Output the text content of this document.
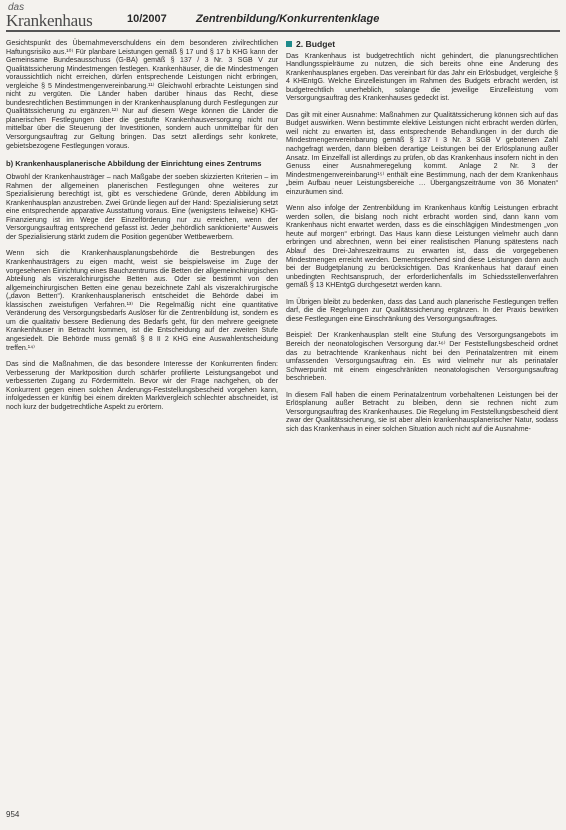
das
Krankenhaus	10/2007	Zentrenbildung/Konkurrentenklage

Gesichtspunkt des Übernahmeverschuldens ein dem besonderen zivilrechtlichen Haftungsrisiko aus.¹⁰⁾ Für planbare Leistungen gemäß § 17 und § 17 b KHG kann der Gemeinsame Bundesausschuss (G-BA) gemäß § 137 / 3 Nr. 3 SGB V zur Qualitätssicherung Mindestmengen festlegen. Krankenhäuser, die die Mindestmengen voraussichtlich nicht erreichen, dürfen entsprechende Leistungen nicht erbringen, vergleiche § 5 Mindestmengenvereinbarung.¹¹⁾ Gleichwohl erbrachte Leistungen sind nicht zu vergüten. Die Länder haben darüber hinaus das Recht, diese bundesrechtlichen Bestimmungen in der Krankenhausplanung durch Festlegungen zur Qualitätssicherung zu ergänzen.¹²⁾ Nur auf diesem Wege können die Länder die planerischen Festlegungen über die gestufte Krankenhausversorgung nicht nur mittelbar über die Steuerung der Investitionen, sondern auch unmittelbar für den Versorgungsauftrag zur Geltung bringen. Das setzt allerdings sehr konkrete, gebietsbezogene Festlegungen voraus.

b) Krankenhausplanerische Abbildung der Einrichtung eines Zentrums

Obwohl der Krankenhausträger – nach Maßgabe der soeben skizzierten Kriterien – im Rahmen der allgemeinen planerischen Festlegungen ohne weiteres zur Spezialisierung berechtigt ist, gibt es verschiedene Gründe, deren Abbildung im Krankenhausplan anzustreben. Zwei Gründe liegen auf der Hand: Spezialisierung setzt eine entsprechende apparative Ausstattung voraus. Eine (wenigstens teilweise) KHG-Finanzierung ist im Wege der Einzelförderung nur zu erreichen, wenn der Versorgungsauftrag entsprechend gefasst ist. Jeder „behördlich sanktionierte“ Ausweis der Spezialisierung stärkt zudem die Position gegenüber Wettbewerbern.

Wenn sich die Krankenhausplanungsbehörde die Bestrebungen des Krankenhausträgers zu eigen macht, weist sie beispielsweise im Zuge der vorgesehenen Einrichtung eines Bauchzentrums die Betten der allgemeinchirurgischen Abteilung als viszeralchirurgische Betten aus. Oder sie bestimmt von den allgemeinchirurgischen Betten eine genau bezeichnete Zahl als viszeralchirurgische („davon Betten“). Krankenhausplanerisch entscheidet die Behörde dabei im klassischen zweistufigen Verfahren.¹³⁾ Die Regelmäßig nicht eine quantitative Veränderung des Versorgungsbedarfs Auslöser für die Zentrenbildung ist, sondern es um die qualitativ bessere Bedienung des Bedarfs geht, für den mehrere geeignete Krankenhäuser in Betracht kommen, ist die Entscheidung auf der zweiten Stufe angesiedelt. Die Behörde muss gemäß § 8 II 2 KHG eine Auswahlentscheidung treffen.¹⁴⁾

Das sind die Maßnahmen, die das besondere Interesse der Konkurrenten finden: Verbesserung der Marktposition durch schärfer profilierte Leistungsangebot und verbesserten Zugang zu Fördermitteln. Bevor wir der Frage nachgehen, ob der Konkurrent gegen einen solchen Änderungs-Feststellungsbescheid vorgehen kann, infolgedessen er künftig bei einem direkten Marktvergleich schlechter abschneidet, ist noch kurz der budgetrechtliche Aspekt zu erörtern.

2. Budget

Das Krankenhaus ist budgetrechtlich nicht gehindert, die planungsrechtlichen Handlungsspielräume zu nutzen, die sich bereits ohne eine Änderung des Krankenhausplanes ergeben. Das vereinbart für das Jahr ein Erlösbudget, vergleiche § 4 KHEntgG. Welche Einzelleistungen im Rahmen des Budgets erbracht werden, ist budgetrechtlich unerheblich, solange die jeweilige Einzelleistung vom Versorgungsauftrag des Krankenhauses gedeckt ist.

Das gilt mit einer Ausnahme: Maßnahmen zur Qualitätssicherung können sich auf das Budget auswirken. Wenn bestimmte elektive Leistungen nicht erbracht werden dürfen, weil nicht zu erwarten ist, dass entsprechende Behandlungen in der durch die Mindestmengenvereinbarung gemäß § 137 I 3 Nr. 3 SGB V gebotenen Zahl nachgefragt werden, dann bleiben derartige Leistungen bei der Erlösplanung außer Ansatz. Im Einzelfall ist allerdings zu prüfen, ob das Krankenhaus insofern nicht in den Genuss einer Ausnahmeregelung kommt. Anlage 2 Nr. 3 der Mindestmengenvereinbarung¹⁵⁾ enthält eine Bestimmung, nach der dem Krankenhaus „beim Aufbau neuer Leistungsbereiche … Übergangszeiträume von 36 Monaten“ einzuräumen sind.

Wenn also infolge der Zentrenbildung im Krankenhaus künftig Leistungen erbracht werden sollen, die bislang noch nicht erbracht worden sind, dann kann vom Krankenhaus nicht erwartet werden, dass es die einschlägigen Mindestmengen „von heute auf morgen“ erbringt. Das Haus kann diese Leistungen vielmehr auch dann erbringen und abrechnen, wenn bei einer realistischen Planung spätestens nach Ablauf des Drei-Jahreszeitraums zu erwarten ist, dass die vorgegebenen Mindestmengen erreicht werden. Dementsprechend sind diese Leistungen dann auch bei der Budgetplanung zu berücksichtigen. Das Krankenhaus hat darauf einen unbedingten Rechtsanspruch, der erforderlichenfalls im Schiedsstellenverfahren gemäß § 13 KHEntgG durchgesetzt werden kann.

Im Übrigen bleibt zu bedenken, dass das Land auch planerische Festlegungen treffen darf, die die Regelungen zur Qualitätssicherung ergänzen. In der Praxis bewirken diese Festlegungen eine Einschränkung des Versorgungsauftrages.

Beispiel: Der Krankenhausplan stellt eine Stufung des Versorgungsangebots im Bereich der neonatologischen Versorgung dar.¹⁶⁾ Der Feststellungsbescheid ordnet das zu betrachtende Krankenhaus nicht bei den Perinatalzentren mit einem umfassenden Versorgungsauftrag ein. Es wird vielmehr nur als perinataler Schwerpunkt mit einem eingeschränkten neonatologischen Versorgungsauftrag beschrieben.

In diesem Fall haben die einem Perinatalzentrum vorbehaltenen Leistungen bei der Erlösplanung außer Betracht zu bleiben, denn sie rechnen nicht zum Versorgungsauftrag des Krankenhauses. Die Regelung im Feststellungsbescheid dient zwar der Qualitätssicherung, sie ist aber allein krankenhausplanerischer Natur, sodass sich das Krankenhaus in einer solchen Situation auch nicht auf die Ausnahme-

954
